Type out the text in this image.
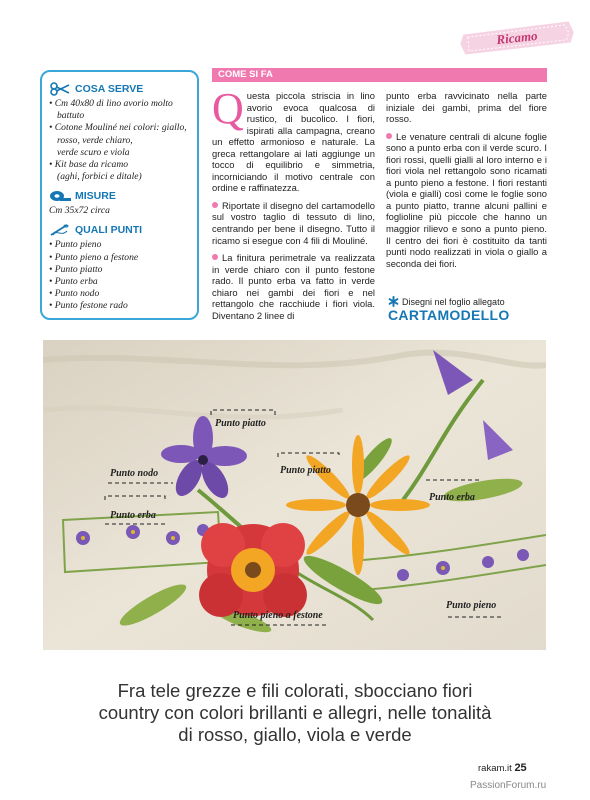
Ricamo
COSA SERVE
• Cm 40x80 di lino avorio molto
battuto
• Cotone Mouliné nei colori: giallo,
rosso, verde chiaro,
verde scuro e viola
• Kit base da ricamo
(aghi, forbici e ditale)
MISURE

Cm 35x72 circa

QUALI PUNTI
• Punto pieno
• Punto pieno a festone
• Punto piatto
• Punto erba
• Punto nodo
• Punto festone rado
COME SI FA

Questa piccola striscia in lino avorio evoca qualcosa di rustico, di bucolico. I fiori, ispirati alla campagna, creano un effetto armonioso e naturale. La greca rettangolare ai lati aggiunge un tocco di equilibrio e simmetria, incorniciando il motivo centrale con ordine e raffinatezza.

Riportate il disegno del cartamodello sul vostro taglio di tessuto di lino, centrando per bene il disegno. Tutto il ricamo si esegue con 4 fili di Mouliné.

La finitura perimetrale va realizzata in verde chiaro con il punto festone rado. Il punto erba va fatto in verde chiaro nei gambi dei fiori e nel rettangolo che racchiude i fiori viola. Diventano 2 linee di

punto erba ravvicinato nella parte iniziale dei gambi, prima del fiore rosso.

Le venature centrali di alcune foglie sono a punto erba con il verde scuro. I fiori rossi, quelli gialli al loro interno e i fiori viola nel rettangolo sono ricamati a punto pieno a festone. I fiori restanti (viola e gialli) così come le foglie sono a punto piatto, tranne alcuni pallini e foglioline più piccole che hanno un maggior rilievo e sono a punto pieno. Il centro dei fiori è costituito da tanti punti nodo realizzati in viola o giallo a seconda dei fiori.

Disegni nel foglio allegato
CARTAMODELLO
Punto piatto
Punto nodo	Punto piatto
Punto erba
Punto erba
Punto pieno a festone
Punto pieno
Fra tele grezze e fili colorati, sbocciano fiori
country con colori brillanti e allegri, nelle tonalità
di rosso, giallo, viola e verde
rakam.it 25
PassionForum.ru
